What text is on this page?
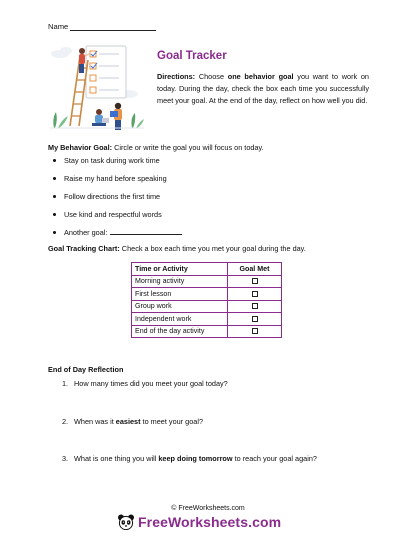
Name
Goal Tracker

Directions: Choose one behavior goal you want to work on today. During the day, check the box each time you successfully meet your goal. At the end of the day, reflect on how well you did.

My Behavior Goal: Circle or write the goal you will focus on today.

Stay on task during work time
Raise my hand before speaking
Follow directions the first time
Use kind and respectful words
Another goal:

Goal Tracking Chart: Check a box each time you met your goal during the day.

Time or Activity	Goal Met
Morning activity	
First lesson	
Group work	
Independent work	
End of the day activity	
End of Day Reflection
1. How many times did you meet your goal today?
2. When was it easiest to meet your goal?
3. What is one thing you will keep doing tomorrow to reach your goal again?
© FreeWorksheets.com
FreeWorksheets.com
